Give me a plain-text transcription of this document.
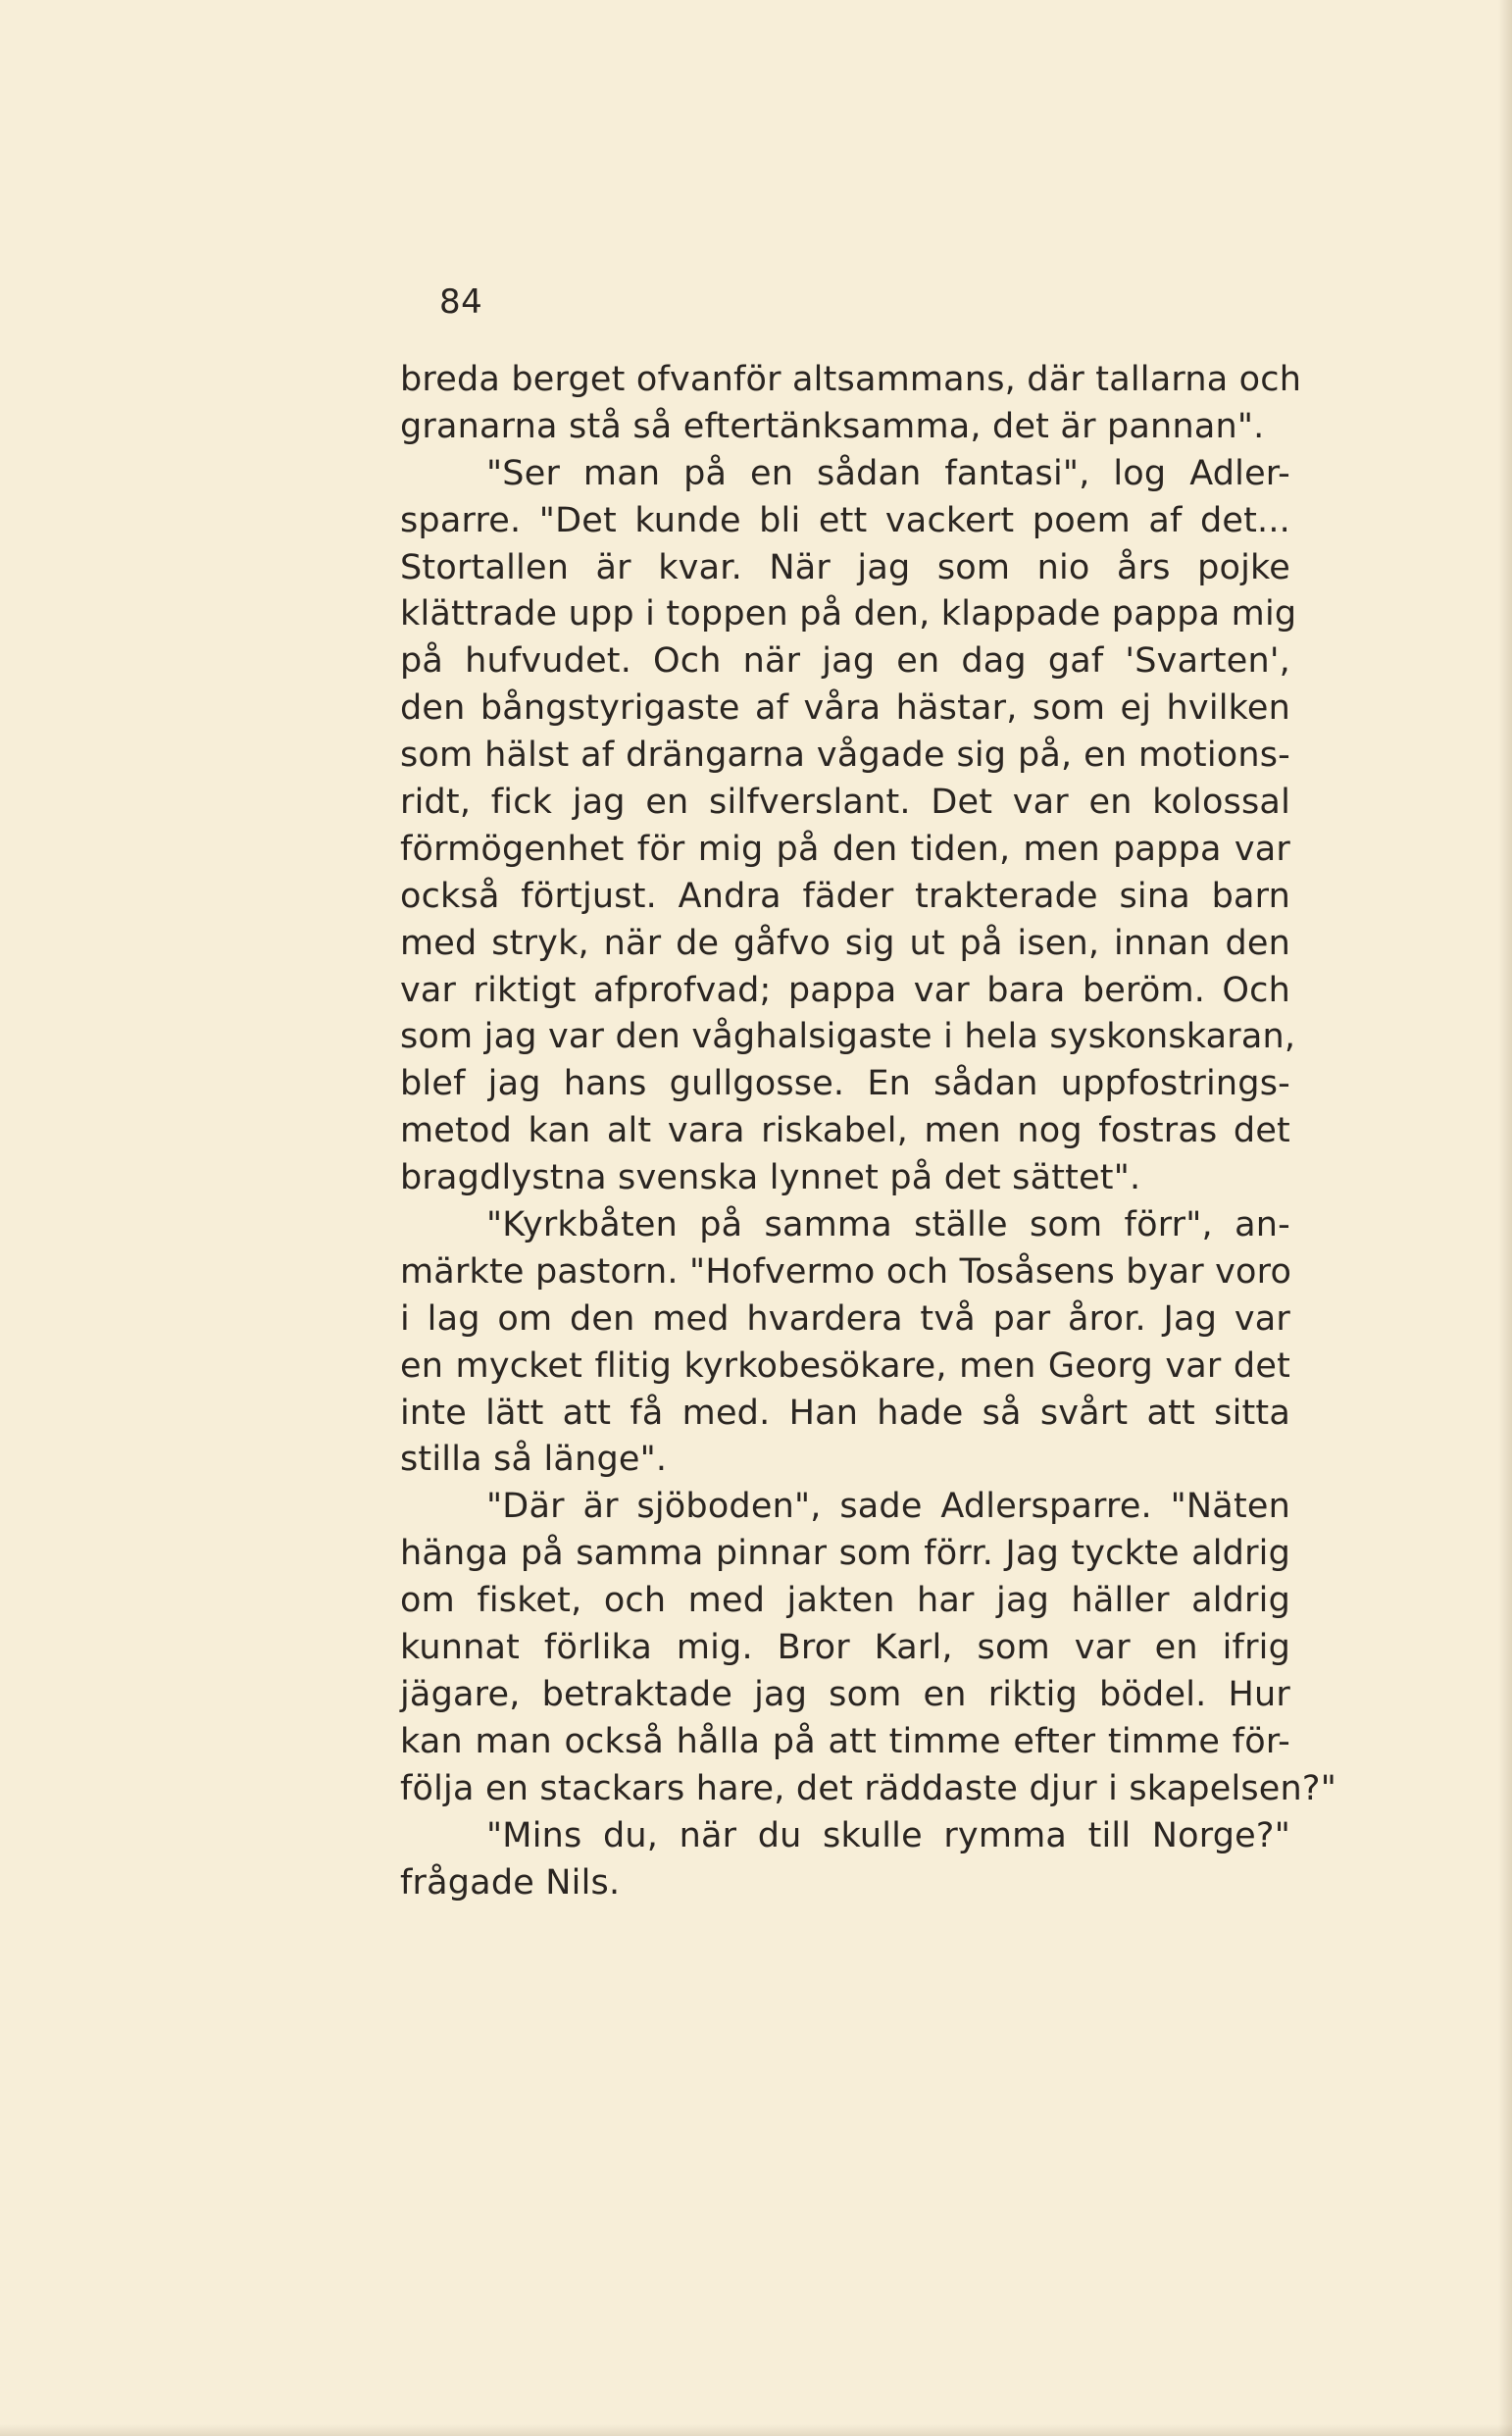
84
breda berget ofvanför altsammans, där tallarna och
granarna stå så eftertänksamma, det är pannan".
"Ser man på en sådan fantasi", log Adler-
sparre. "Det kunde bli ett vackert poem af det...
Stortallen är kvar. När jag som nio års pojke
klättrade upp i toppen på den, klappade pappa mig
på hufvudet. Och när jag en dag gaf 'Svarten',
den bångstyrigaste af våra hästar, som ej hvilken
som hälst af drängarna vågade sig på, en motions-
ridt, fick jag en silfverslant. Det var en kolossal
förmögenhet för mig på den tiden, men pappa var
också förtjust. Andra fäder trakterade sina barn
med stryk, när de gåfvo sig ut på isen, innan den
var riktigt afprofvad; pappa var bara beröm. Och
som jag var den våghalsigaste i hela syskonskaran,
blef jag hans gullgosse. En sådan uppfostrings-
metod kan alt vara riskabel, men nog fostras det
bragdlystna svenska lynnet på det sättet".
"Kyrkbåten på samma ställe som förr", an-
märkte pastorn. "Hofvermo och Tosåsens byar voro
i lag om den med hvardera två par åror. Jag var
en mycket flitig kyrkobesökare, men Georg var det
inte lätt att få med. Han hade så svårt att sitta
stilla så länge".
"Där är sjöboden", sade Adlersparre. "Näten
hänga på samma pinnar som förr. Jag tyckte aldrig
om fisket, och med jakten har jag häller aldrig
kunnat förlika mig. Bror Karl, som var en ifrig
jägare, betraktade jag som en riktig bödel. Hur
kan man också hålla på att timme efter timme för-
följa en stackars hare, det räddaste djur i skapelsen?"
"Mins du, när du skulle rymma till Norge?"
frågade Nils.
